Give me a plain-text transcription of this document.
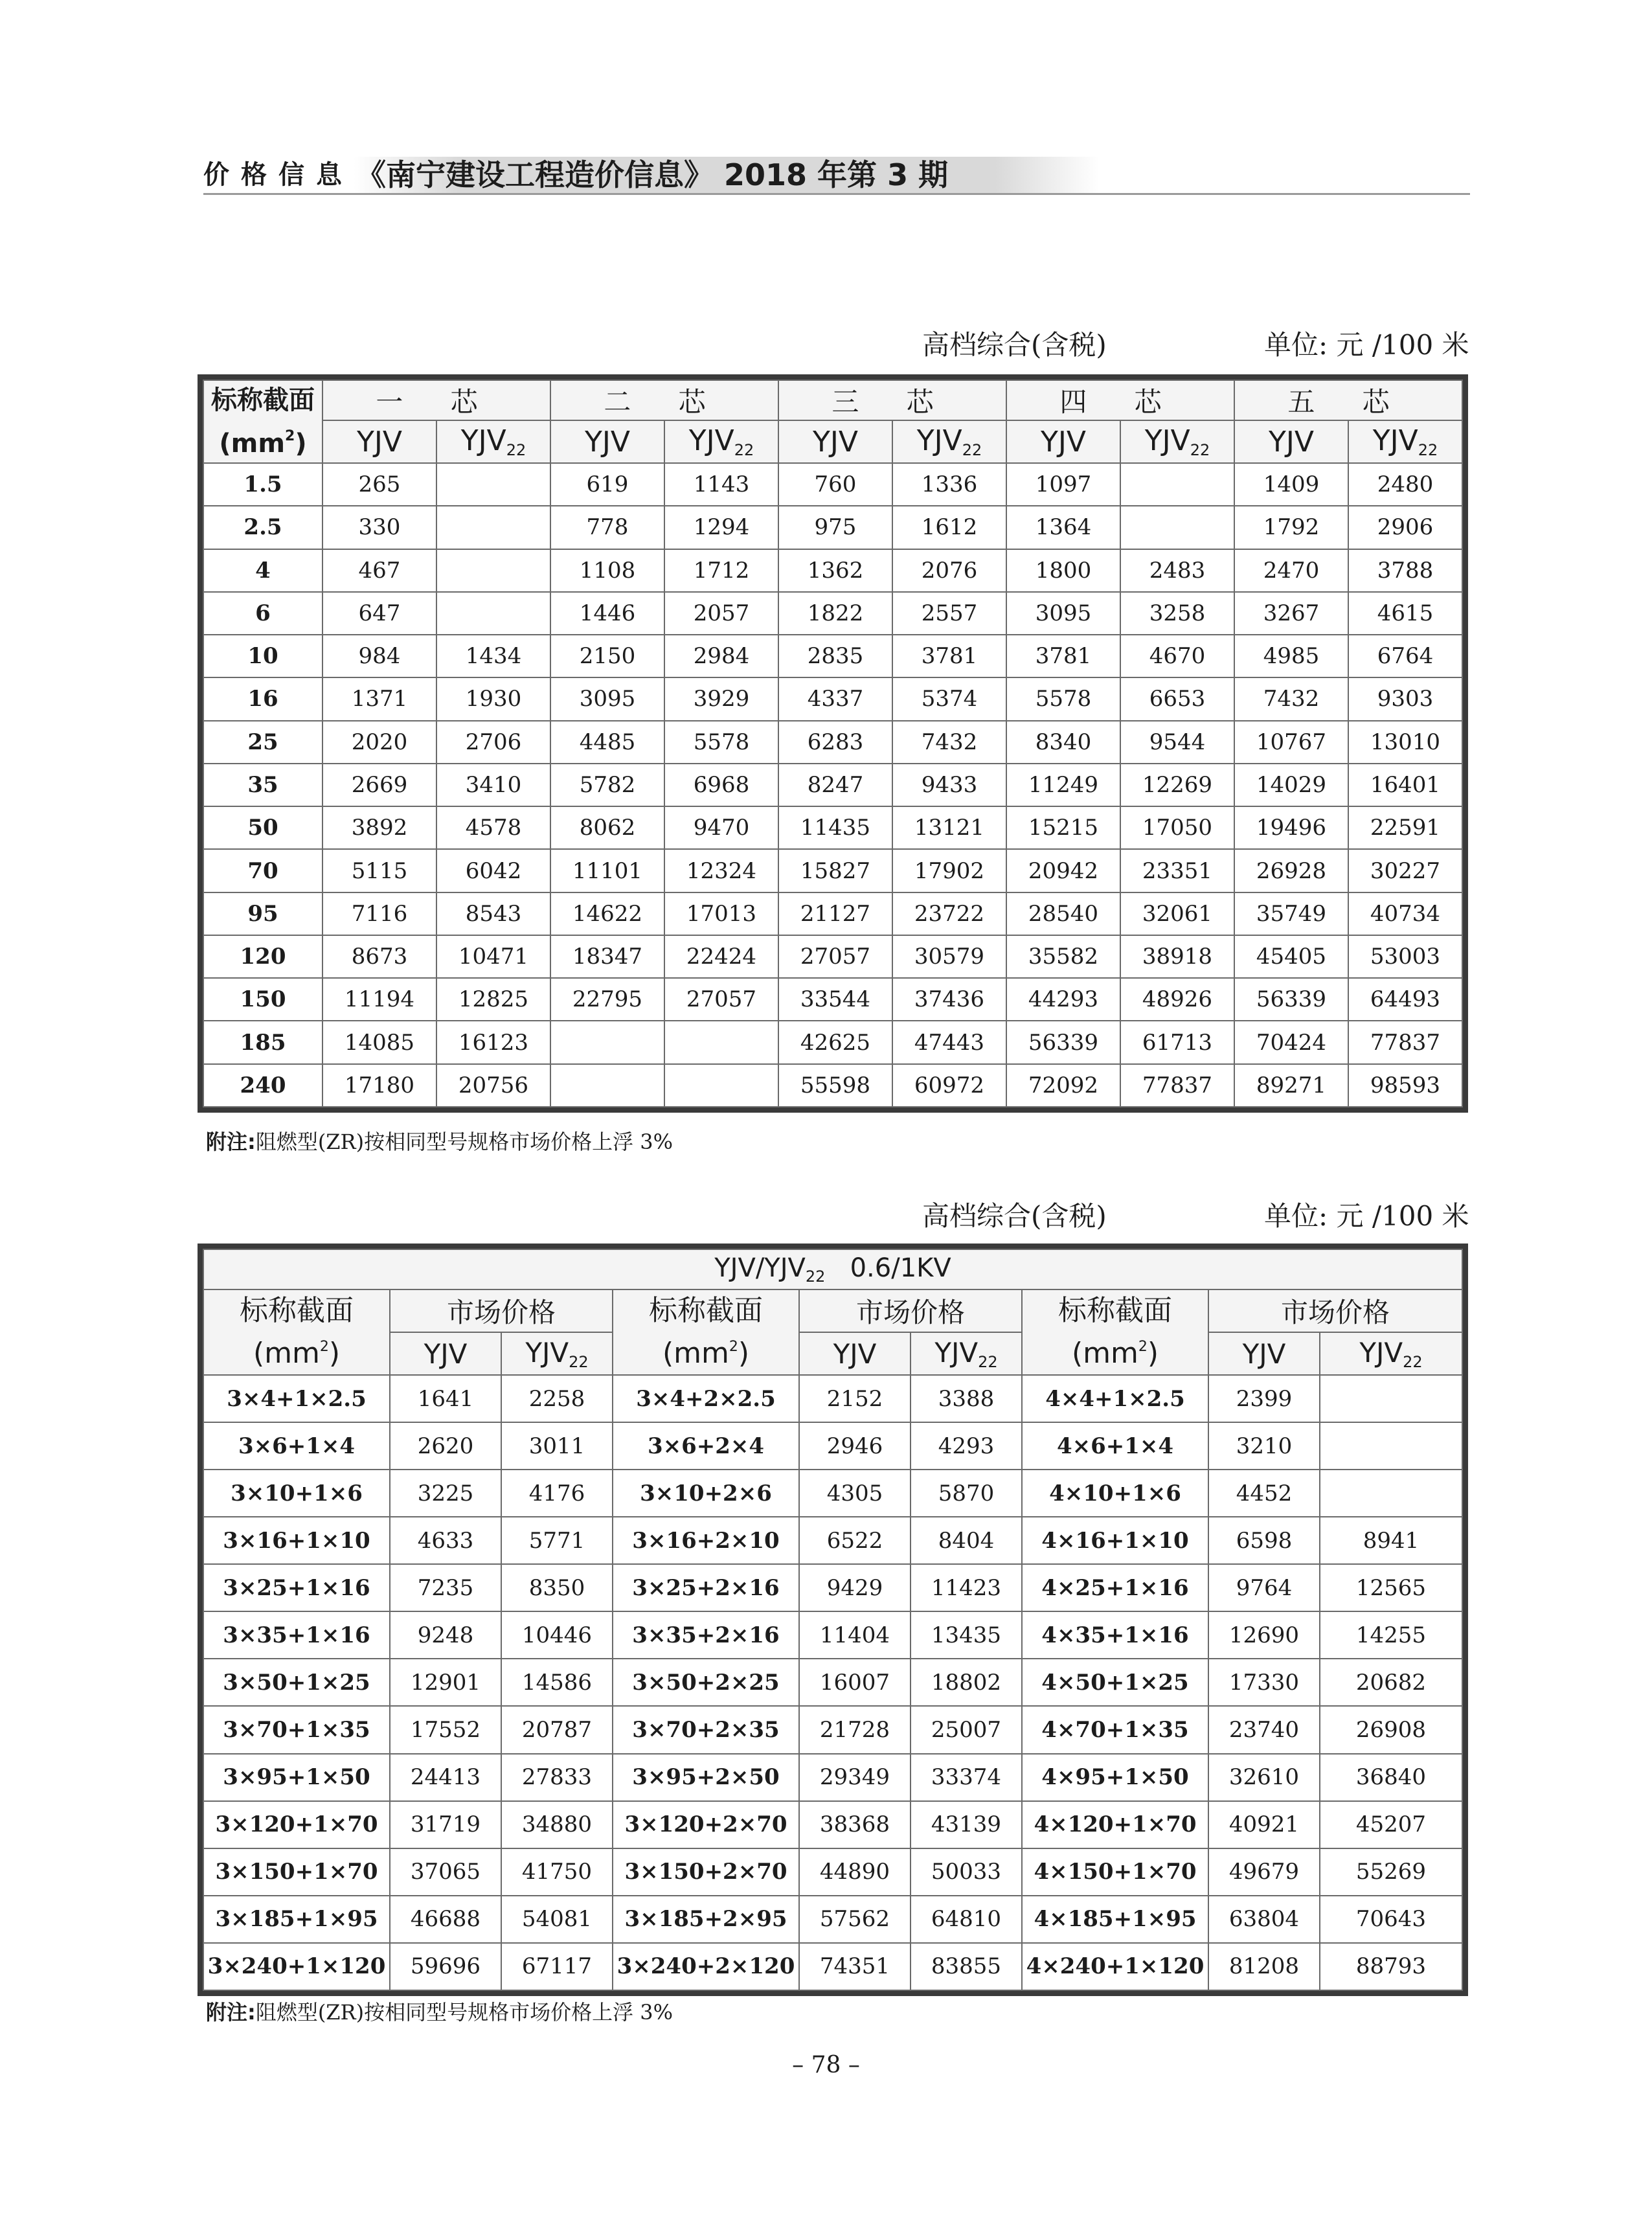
价格信息 《南宁建设工程造价信息》 2018 年第 3 期
高档综合(含税)	单位: 元 /100 米
标称截面
$(mm^2)$	一 芯		二 芯		三 芯		四 芯		五 芯	
	YJV	$YJV_{22}$	YJV	$YJV_{22}$	YJV	$YJV_{22}$	YJV	$YJV_{22}$	YJV	$YJV_{22}$
1.5	265		619	1143	760	1336	1097		1409	2480
2.5	330		778	1294	975	1612	1364		1792	2906
4	467		1108	1712	1362	2076	1800	2483	2470	3788
6	647		1446	2057	1822	2557	3095	3258	3267	4615
10	984	1434	2150	2984	2835	3781	3781	4670	4985	6764
16	1371	1930	3095	3929	4337	5374	5578	6653	7432	9303
25	2020	2706	4485	5578	6283	7432	8340	9544	10767	13010
35	2669	3410	5782	6968	8247	9433	11249	12269	14029	16401
50	3892	4578	8062	9470	11435	13121	15215	17050	19496	22591
70	5115	6042	11101	12324	15827	17902	20942	23351	26928	30227
95	7116	8543	14622	17013	21127	23722	28540	32061	35749	40734
120	8673	10471	18347	22424	27057	30579	35582	38918	45405	53003
150	11194	12825	22795	27057	33544	37436	44293	48926	56339	64493
185	14085	16123			42625	47443	56339	61713	70424	77837
240	17180	20756			55598	60972	72092	77837	89271	98593
附注:阻燃型(ZR)按相同型号规格市场价格上浮 3%
高档综合(含税)	单位: 元 /100 米
YJV/$YJV_{22}$ 0.6/1KV								
标称截面
$(mm^2)$	市场价格		标称截面
$(mm^2)$	市场价格		标称截面
$(mm^2)$	市场价格	
	YJV	$YJV_{22}$		YJV	$YJV_{22}$		YJV	$YJV_{22}$
3×4+1×2.5	1641	2258	3×4+2×2.5	2152	3388	4×4+1×2.5	2399	
3×6+1×4	2620	3011	3×6+2×4	2946	4293	4×6+1×4	3210	
3×10+1×6	3225	4176	3×10+2×6	4305	5870	4×10+1×6	4452	
3×16+1×10	4633	5771	3×16+2×10	6522	8404	4×16+1×10	6598	8941
3×25+1×16	7235	8350	3×25+2×16	9429	11423	4×25+1×16	9764	12565
3×35+1×16	9248	10446	3×35+2×16	11404	13435	4×35+1×16	12690	14255
3×50+1×25	12901	14586	3×50+2×25	16007	18802	4×50+1×25	17330	20682
3×70+1×35	17552	20787	3×70+2×35	21728	25007	4×70+1×35	23740	26908
3×95+1×50	24413	27833	3×95+2×50	29349	33374	4×95+1×50	32610	36840
3×120+1×70	31719	34880	3×120+2×70	38368	43139	4×120+1×70	40921	45207
3×150+1×70	37065	41750	3×150+2×70	44890	50033	4×150+1×70	49679	55269
3×185+1×95	46688	54081	3×185+2×95	57562	64810	4×185+1×95	63804	70643
3×240+1×120	59696	67117	3×240+2×120	74351	83855	4×240+1×120	81208	88793
附注:阻燃型(ZR)按相同型号规格市场价格上浮 3%
– 78 –
